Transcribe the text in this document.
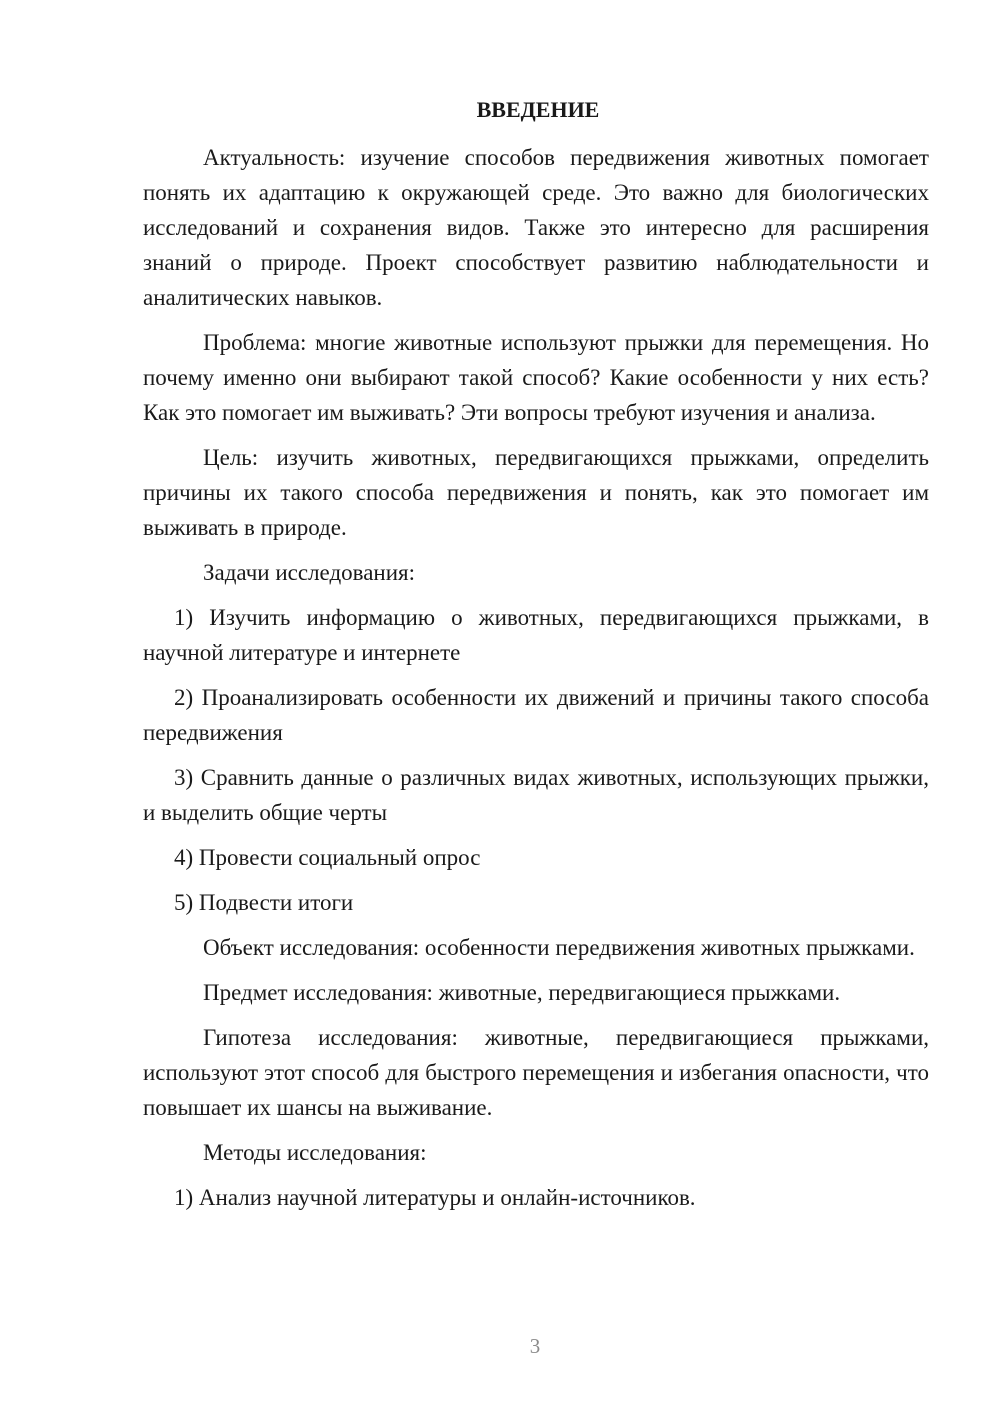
ВВЕДЕНИЕ

Актуальность: изучение способов передвижения животных помогает понять их адаптацию к окружающей среде. Это важно для биологических исследований и сохранения видов. Также это интересно для расширения знаний о природе. Проект способствует развитию наблюдательности и аналитических навыков.

Проблема: многие животные используют прыжки для перемещения. Но почему именно они выбирают такой способ? Какие особенности у них есть? Как это помогает им выживать? Эти вопросы требуют изучения и анализа.

Цель: изучить животных, передвигающихся прыжками, определить причины их такого способа передвижения и понять, как это помогает им выживать в природе.

Задачи исследования:

1) Изучить информацию о животных, передвигающихся прыжками, в научной литературе и интернете

2) Проанализировать особенности их движений и причины такого способа передвижения

3) Сравнить данные о различных видах животных, использующих прыжки, и выделить общие черты

4) Провести социальный опрос

5) Подвести итоги

Объект исследования: особенности передвижения животных прыжками.

Предмет исследования: животные, передвигающиеся прыжками.

Гипотеза исследования: животные, передвигающиеся прыжками, используют этот способ для быстрого перемещения и избегания опасности, что повышает их шансы на выживание.

Методы исследования:

1) Анализ научной литературы и онлайн-источников.

3
